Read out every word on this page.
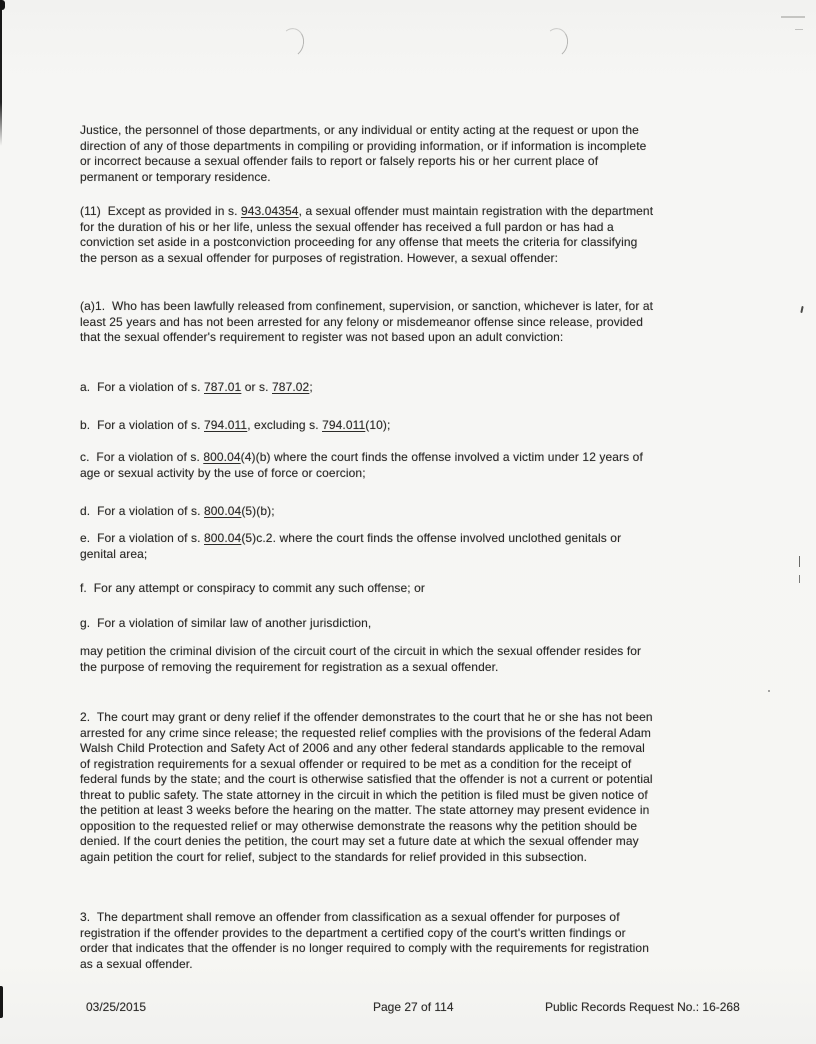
Justice, the personnel of those departments, or any individual or entity acting at the request or upon the direction of any of those departments in compiling or providing information, or if information is incomplete or incorrect because a sexual offender fails to report or falsely reports his or her current place of permanent or temporary residence.

(11)  Except as provided in s. 943.04354, a sexual offender must maintain registration with the department for the duration of his or her life, unless the sexual offender has received a full pardon or has had a conviction set aside in a postconviction proceeding for any offense that meets the criteria for classifying the person as a sexual offender for purposes of registration. However, a sexual offender:

(a)1.  Who has been lawfully released from confinement, supervision, or sanction, whichever is later, for at least 25 years and has not been arrested for any felony or misdemeanor offense since release, provided that the sexual offender's requirement to register was not based upon an adult conviction:

a.  For a violation of s. 787.01 or s. 787.02;

b.  For a violation of s. 794.011, excluding s. 794.011(10);

c.  For a violation of s. 800.04(4)(b) where the court finds the offense involved a victim under 12 years of age or sexual activity by the use of force or coercion;

d.  For a violation of s. 800.04(5)(b);

e.  For a violation of s. 800.04(5)c.2. where the court finds the offense involved unclothed genitals or genital area;

f.  For any attempt or conspiracy to commit any such offense; or

g.  For a violation of similar law of another jurisdiction,

may petition the criminal division of the circuit court of the circuit in which the sexual offender resides for the purpose of removing the requirement for registration as a sexual offender.

2.  The court may grant or deny relief if the offender demonstrates to the court that he or she has not been arrested for any crime since release; the requested relief complies with the provisions of the federal Adam Walsh Child Protection and Safety Act of 2006 and any other federal standards applicable to the removal of registration requirements for a sexual offender or required to be met as a condition for the receipt of federal funds by the state; and the court is otherwise satisfied that the offender is not a current or potential threat to public safety. The state attorney in the circuit in which the petition is filed must be given notice of the petition at least 3 weeks before the hearing on the matter. The state attorney may present evidence in opposition to the requested relief or may otherwise demonstrate the reasons why the petition should be denied. If the court denies the petition, the court may set a future date at which the sexual offender may again petition the court for relief, subject to the standards for relief provided in this subsection.

3.  The department shall remove an offender from classification as a sexual offender for purposes of registration if the offender provides to the department a certified copy of the court's written findings or order that indicates that the offender is no longer required to comply with the requirements for registration as a sexual offender.

03/25/2015	Page 27 of 114	Public Records Request No.: 16-268
